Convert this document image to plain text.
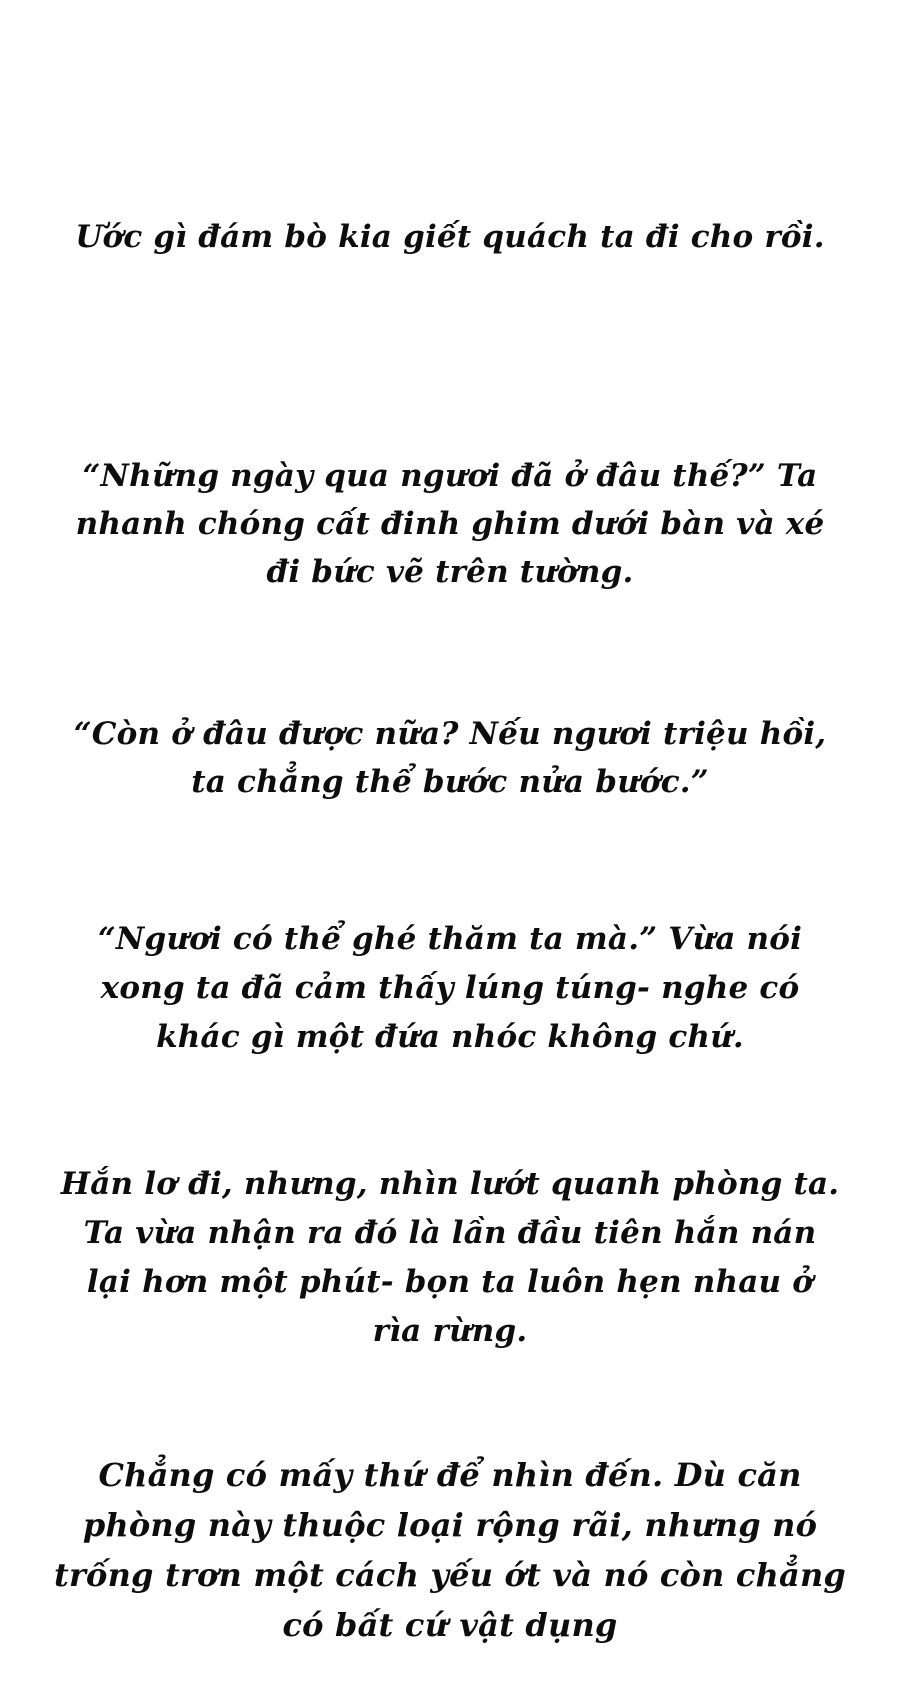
Ước gì đám bò kia giết quách ta đi cho rồi.
“Những ngày qua ngươi đã ở đâu thế?” Ta nhanh chóng cất đinh ghim dưới bàn và xé đi bức vẽ trên tường.
“Còn ở đâu được nữa? Nếu ngươi triệu hồi, ta chẳng thể bước nửa bước.”
“Ngươi có thể ghé thăm ta mà.” Vừa nói xong ta đã cảm thấy lúng túng- nghe có khác gì một đứa nhóc không chứ.
Hắn lơ đi, nhưng, nhìn lướt quanh phòng ta. Ta vừa nhận ra đó là lần đầu tiên hắn nán lại hơn một phút- bọn ta luôn hẹn nhau ở rìa rừng.
Chẳng có mấy thứ để nhìn đến. Dù căn phòng này thuộc loại rộng rãi, nhưng nó trống trơn một cách yếu ớt và nó còn chẳng có bất cứ vật dụng
